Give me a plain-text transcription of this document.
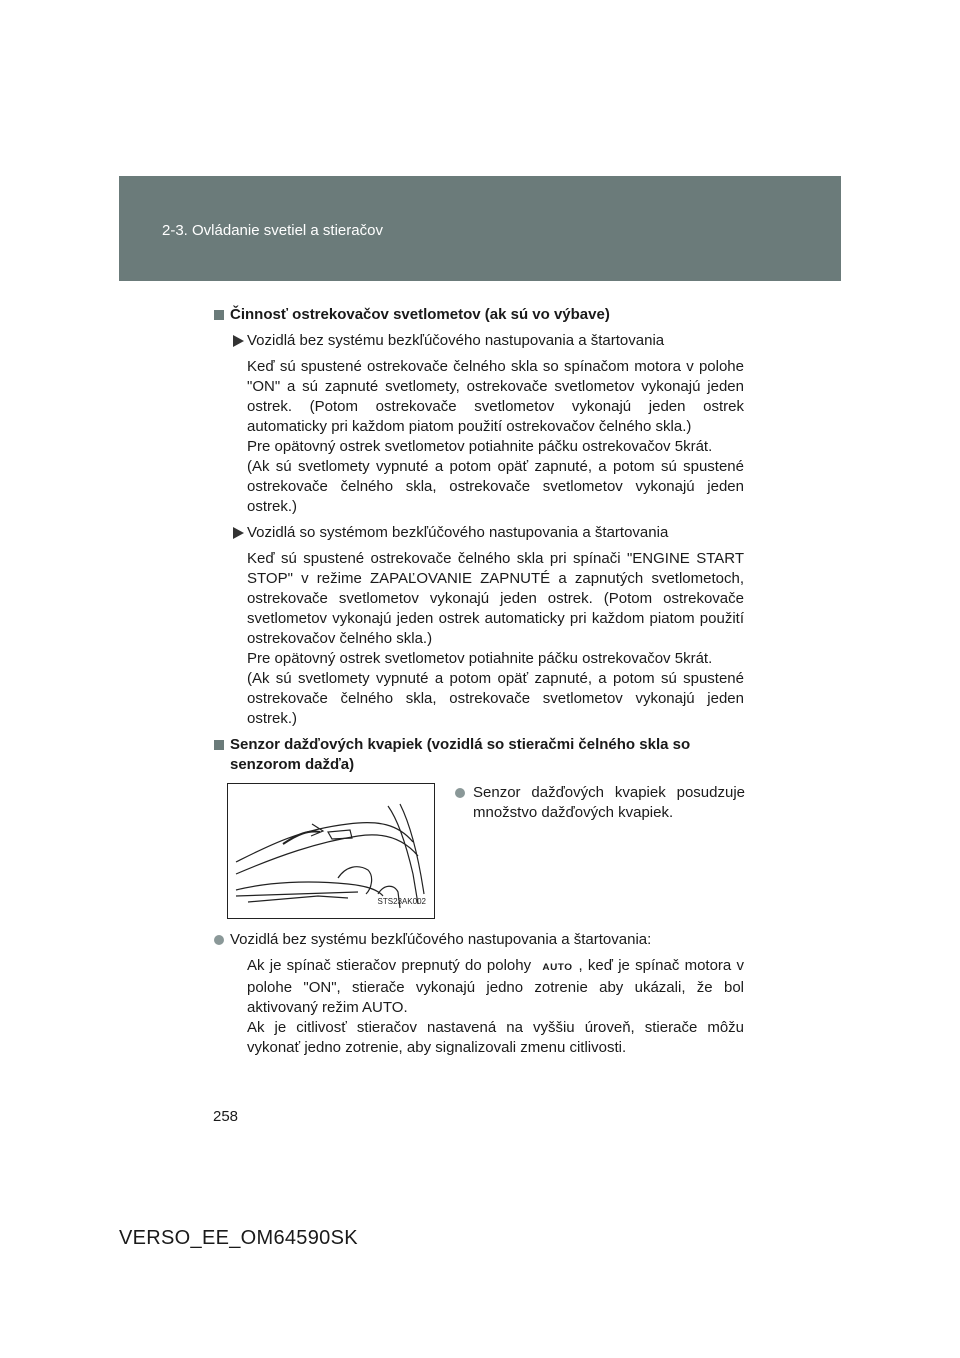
2-3. Ovládanie svetiel a stieračov
Činnosť ostrekovačov svetlometov (ak sú vo výbave)
Vozidlá bez systému bezkľúčového nastupovania a štartovania
Keď sú spustené ostrekovače čelného skla so spínačom motora v polohe "ON" a sú zapnuté svetlomety, ostrekovače svetlometov vykonajú jeden ostrek. (Potom ostrekovače svetlometov vykonajú jeden ostrek automaticky pri každom piatom použití ostrekovačov čelného skla.)
Pre opätovný ostrek svetlometov potiahnite páčku ostrekovačov 5krát.
(Ak sú svetlomety vypnuté a potom opäť zapnuté, a potom sú spustené ostrekovače čelného skla, ostrekovače svetlometov vykonajú jeden ostrek.)
Vozidlá so systémom bezkľúčového nastupovania a štartovania
Keď sú spustené ostrekovače čelného skla pri spínači "ENGINE START STOP" v režime ZAPAĽOVANIE ZAPNUTÉ a zapnutých svetlometoch, ostrekovače svetlometov vykonajú jeden ostrek. (Potom ostrekovače svetlometov vykonajú jeden ostrek automaticky pri každom piatom použití ostrekovačov čelného skla.)
Pre opätovný ostrek svetlometov potiahnite páčku ostrekovačov 5krát.
(Ak sú svetlomety vypnuté a potom opäť zapnuté, a potom sú spustené ostrekovače čelného skla, ostrekovače svetlometov vykonajú jeden ostrek.)
Senzor dažďových kvapiek (vozidlá so stieračmi čelného skla so senzorom dažďa)
STS23AK002
Senzor dažďových kvapiek posudzuje množstvo dažďových kvapiek.
Vozidlá bez systému bezkľúčového nastupovania a štartovania:
Ak je spínač stieračov prepnutý do polohy AUTO , keď je spínač motora v polohe "ON", stierače vykonajú jedno zotrenie aby ukázali, že bol aktivovaný režim AUTO.
Ak je citlivosť stieračov nastavená na vyššiu úroveň, stierače môžu vykonať jedno zotrenie, aby signalizovali zmenu citlivosti.
258
VERSO_EE_OM64590SK
